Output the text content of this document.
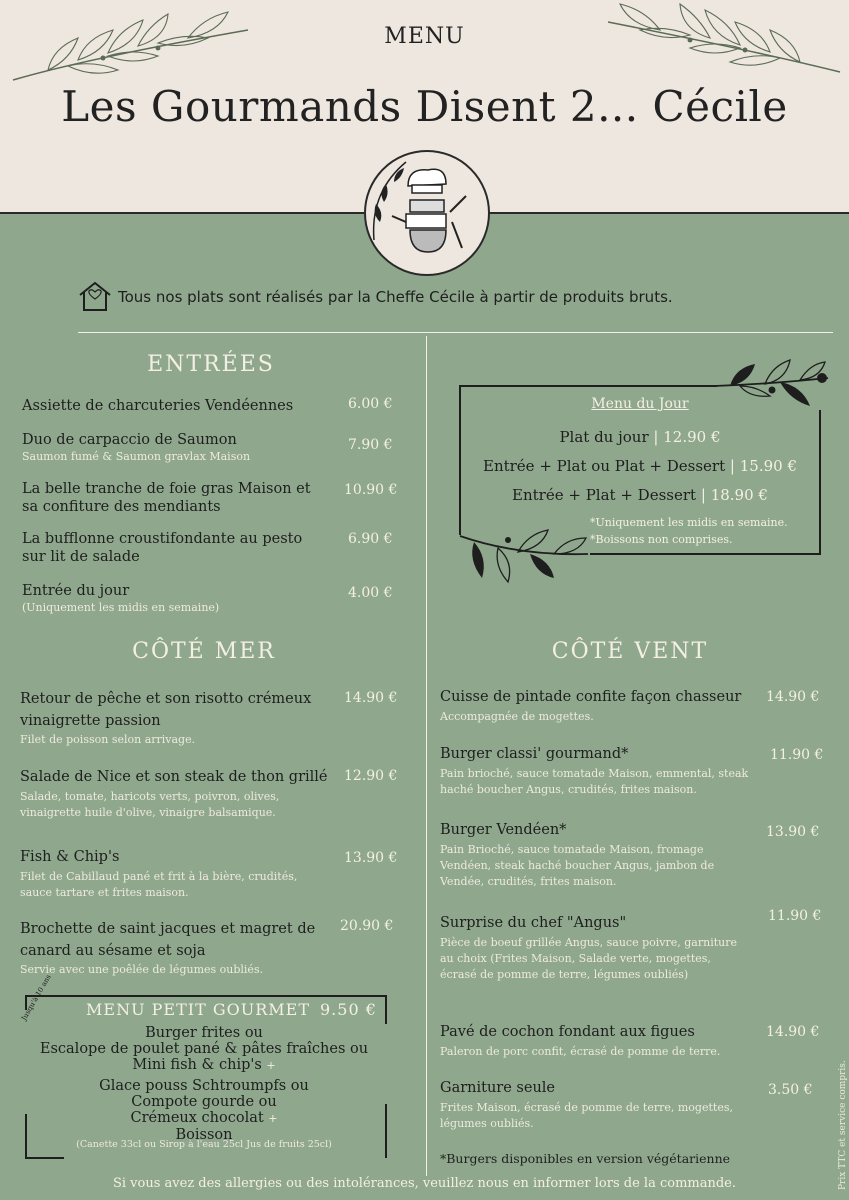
MENU
Les Gourmands Disent 2... Cécile
Tous nos plats sont réalisés par la Cheffe Cécile à partir de produits bruts.
ENTRÉES
Assiette de charcuteries Vendéennes	6.00 €
Duo de carpaccio de Saumon
Saumon fumé & Saumon gravlax Maison
7.90 €
La belle tranche de foie gras Maison et sa confiture des mendiants
10.90 €
La bufflonne croustifondante au pesto sur lit de salade
6.90 €
Entrée du jour
(Uniquement les midis en semaine)
4.00 €
Menu du Jour
Plat du jour | 12.90 €
Entrée + Plat ou Plat + Dessert | 15.90 €
Entrée + Plat + Dessert | 18.90 €
*Uniquement les midis en semaine.
*Boissons non comprises.
CÔTÉ MER
Retour de pêche et son risotto crémeux vinaigrette passion
Filet de poisson selon arrivage.
14.90 €
Salade de Nice et son steak de thon grillé
Salade, tomate, haricots verts, poivron, olives, vinaigrette huile d'olive, vinaigre balsamique.
12.90 €
Fish & Chip's
Filet de Cabillaud pané et frit à la bière, crudités, sauce tartare et frites maison.
13.90 €
Brochette de saint jacques et magret de canard au sésame et soja
Servie avec une poêlée de légumes oubliés.
20.90 €
MENU PETIT GOURMET 9.50 €
Jusqu'à 10 ans
Burger frites ou
Escalope de poulet pané & pâtes fraîches ou
Mini fish & chip's +
Glace pouss Schtroumpfs ou
Compote gourde ou
Crémeux chocolat +
Boisson
(Canette 33cl ou Sirop à l'eau 25cl Jus de fruits 25cl)
CÔTÉ VENT
Cuisse de pintade confite façon chasseur
Accompagnée de mogettes.
14.90 €
Burger classi' gourmand*
Pain brioché, sauce tomatade Maison, emmental, steak haché boucher Angus, crudités, frites maison.
11.90 €
Burger Vendéen*
Pain Brioché, sauce tomatade Maison, fromage Vendéen, steak haché boucher Angus, jambon de Vendée, crudités, frites maison.
13.90 €
Surprise du chef "Angus"
Pièce de boeuf grillée Angus, sauce poivre, garniture au choix (Frites Maison, Salade verte, mogettes, écrasé de pomme de terre, légumes oubliés)
11.90 €
Pavé de cochon fondant aux figues
Paleron de porc confit, écrasé de pomme de terre.
14.90 €
Garniture seule
Frites Maison, écrasé de pomme de terre, mogettes, légumes oubliés.
3.50 €
*Burgers disponibles en version végétarienne
Si vous avez des allergies ou des intolérances, veuillez nous en informer lors de la commande.	Prix TTC et service compris.
